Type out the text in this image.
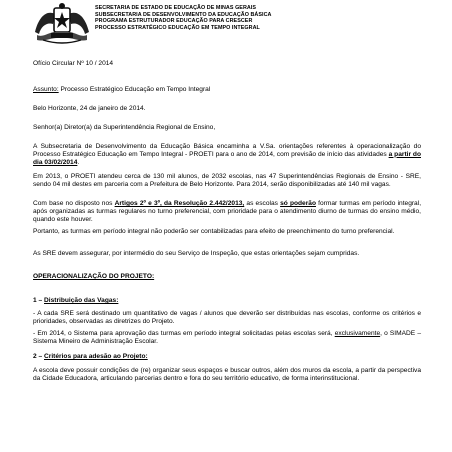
SECRETARIA DE ESTADO DE EDUCAÇÃO DE MINAS GERAIS
SUBSECRETARIA DE DESENVOLVIMENTO DA EDUCAÇÃO BÁSICA
PROGRAMA ESTRUTURADOR EDUCAÇÃO PARA CRESCER
PROCESSO ESTRATÉGICO EDUCAÇÃO EM TEMPO INTEGRAL

Ofício Circular Nº 10 / 2014

Assunto: Processo Estratégico Educação em Tempo Integral

Belo Horizonte, 24 de janeiro de 2014.

Senhor(a) Diretor(a) da Superintendência Regional de Ensino,

A Subsecretaria de Desenvolvimento da Educação Básica encaminha a V.Sa. orientações referentes à operacionalização do Processo Estratégico Educação em Tempo Integral - PROETI para o ano de 2014, com previsão de início das atividades a partir do dia 03/02/2014.

Em 2013, o PROETI atendeu cerca de 130 mil alunos, de 2032 escolas, nas 47 Superintendências Regionais de Ensino - SRE, sendo 04 mil destes em parceria com a Prefeitura de Belo Horizonte. Para 2014, serão disponibilizadas até 140 mil vagas.

Com base no disposto nos Artigos 2º e 3º, da Resolução 2.442/2013, as escolas só poderão formar turmas em período integral, após organizadas as turmas regulares no turno preferencial, com prioridade para o atendimento diurno de turmas do ensino médio, quando este houver.

Portanto, as turmas em período integral não poderão ser contabilizadas para efeito de preenchimento do turno preferencial.

As SRE devem assegurar, por intermédio do seu Serviço de Inspeção, que estas orientações sejam cumpridas.

OPERACIONALIZAÇÃO DO PROJETO:

1 – Distribuição das Vagas:

- A cada SRE será destinado um quantitativo de vagas / alunos que deverão ser distribuídas nas escolas, conforme os critérios e prioridades, observadas as diretrizes do Projeto.

- Em 2014, o Sistema para aprovação das turmas em período integral solicitadas pelas escolas será, exclusivamente, o SIMADE – Sistema Mineiro de Administração Escolar.

2 – Critérios para adesão ao Projeto:

A escola deve possuir condições de (re) organizar seus espaços e buscar outros, além dos muros da escola, a partir da perspectiva da Cidade Educadora, articulando parcerias dentro e fora do seu território educativo, de forma interinstitucional.
